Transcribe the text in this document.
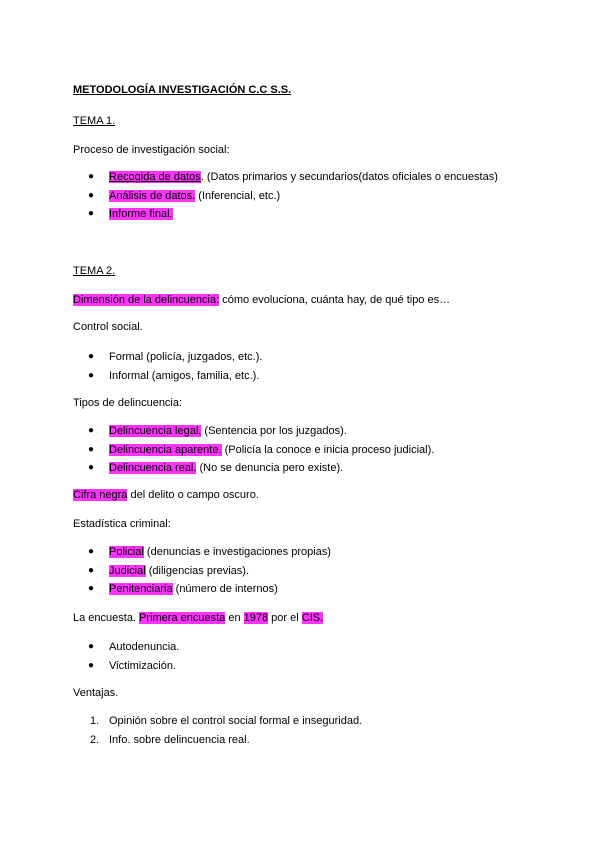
METODOLOGÍA INVESTIGACIÓN C.C S.S.
TEMA 1.
Proceso de investigación social:
● Recogida de datos. (Datos primarios y secundarios(datos oficiales o encuestas)
● Análisis de datos. (Inferencial, etc.)
● Informe final.
TEMA 2.
Dimensión de la delincuencia: cómo evoluciona, cuánta hay, de qué tipo es…
Control social.
● Formal (policía, juzgados, etc.).
● Informal (amigos, familia, etc.).
Tipos de delincuencia:
● Delincuencia legal. (Sentencia por los juzgados).
● Delincuencia aparente. (Policía la conoce e inicia proceso judicial).
● Delincuencia real. (No se denuncia pero existe).
Cifra negra del delito o campo oscuro.
Estadística criminal:
● Policial (denuncias e investigaciones propias)
● Judicial (diligencias previas).
● Penitenciaria (número de internos)
La encuesta. Primera encuesta en 1978 por el CIS.
● Autodenuncia.
● Victimización.
Ventajas.
1. Opinión sobre el control social formal e inseguridad.
2. Info. sobre delincuencia real.
